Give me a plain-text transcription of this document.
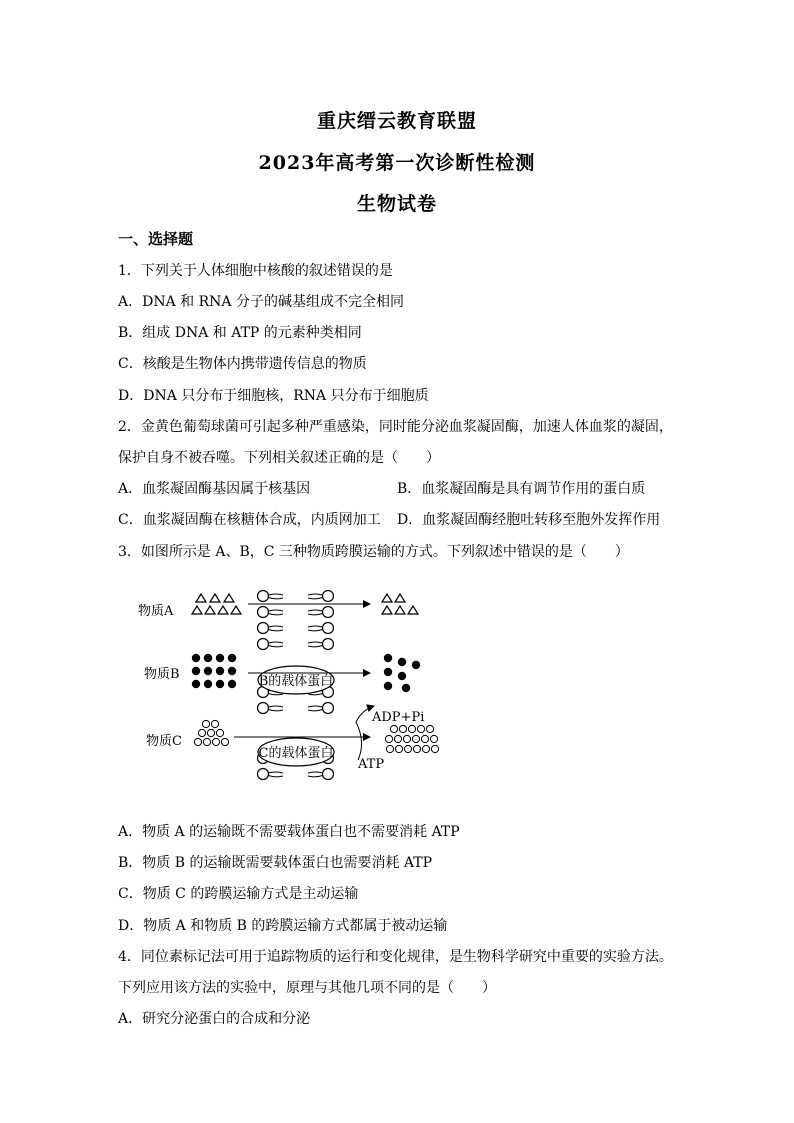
重庆缙云教育联盟
2023年高考第一次诊断性检测
生物试卷
一、选择题
1．下列关于人体细胞中核酸的叙述错误的是
A．DNA 和 RNA 分子的碱基组成不完全相同
B．组成 DNA 和 ATP 的元素种类相同
C．核酸是生物体内携带遗传信息的物质
D．DNA 只分布于细胞核，RNA 只分布于细胞质
2．金黄色葡萄球菌可引起多种严重感染，同时能分泌血浆凝固酶，加速人体血浆的凝固，
保护自身不被吞噬。下列相关叙述正确的是（　　）
A．血浆凝固酶基因属于核基因	B．血浆凝固酶是具有调节作用的蛋白质
C．血浆凝固酶在核糖体合成，内质网加工 D．血浆凝固酶经胞吐转移至胞外发挥作用
3．如图所示是 A、B，C 三种物质跨膜运输的方式。下列叙述中错误的是（　　）
物质A
物质B	B的载体蛋白
物质C
C的载体蛋白
ADP+Pi
ATP
A．物质 A 的运输既不需要载体蛋白也不需要消耗 ATP
B．物质 B 的运输既需要载体蛋白也需要消耗 ATP
C．物质 C 的跨膜运输方式是主动运输
D．物质 A 和物质 B 的跨膜运输方式都属于被动运输
4．同位素标记法可用于追踪物质的运行和变化规律，是生物科学研究中重要的实验方法。
下列应用该方法的实验中，原理与其他几项不同的是（　　）
A．研究分泌蛋白的合成和分泌
